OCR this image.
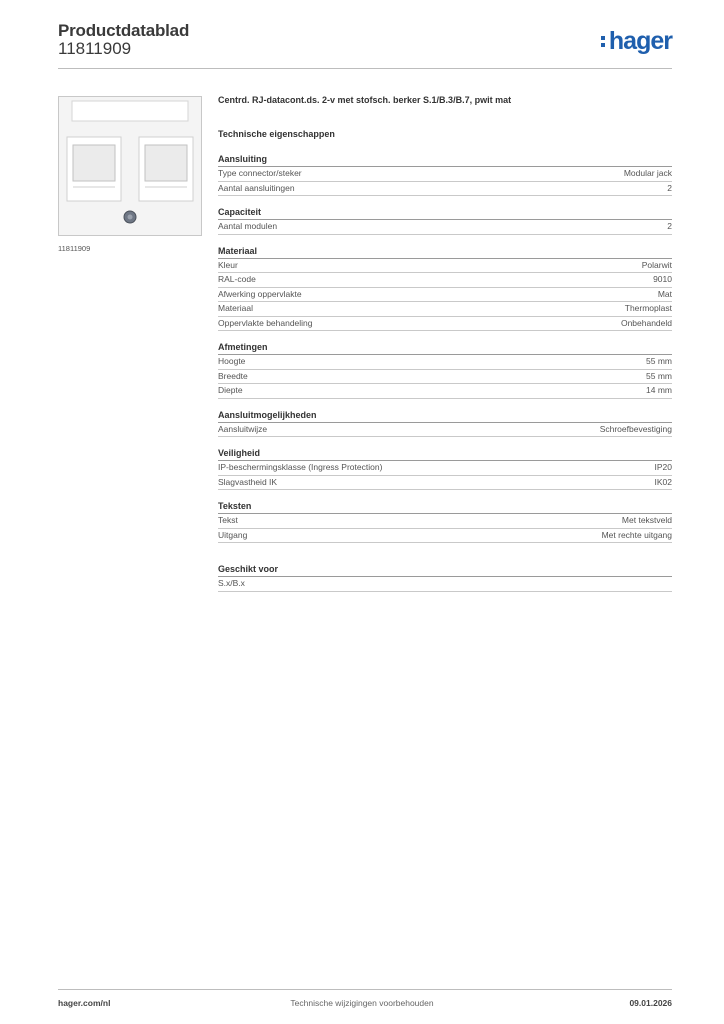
Productdatablad
11811909	hager
11811909
Centrd. RJ-datacont.ds. 2-v met stofsch. berker S.1/B.3/B.7, pwit mat
Technische eigenschappen
Aansluiting
Type connector/steker	Modular jack
Aantal aansluitingen	2
Capaciteit
Aantal modulen	2
Materiaal
Kleur	Polarwit
RAL-code	9010
Afwerking oppervlakte	Mat
Materiaal	Thermoplast
Oppervlakte behandeling	Onbehandeld
Afmetingen
Hoogte	55 mm
Breedte	55 mm
Diepte	14 mm
Aansluitmogelijkheden
Aansluitwijze	Schroefbevestiging
Veiligheid
IP-beschermingsklasse (Ingress Protection)	IP20
Slagvastheid IK	IK02
Teksten
Tekst	Met tekstveld
Uitgang	Met rechte uitgang
Geschikt voor
S.x/B.x
hager.com/nl	Technische wijzigingen voorbehouden	09.01.2026
